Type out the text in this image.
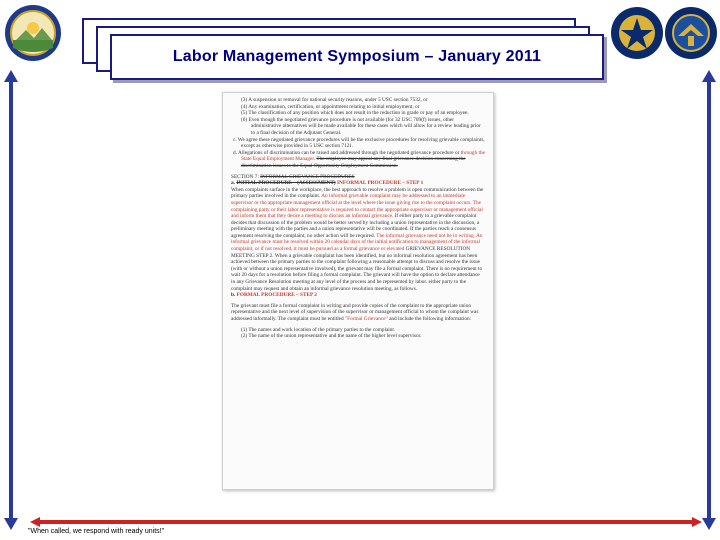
Labor Management Symposium – January 2011

(3) A suspension or removal for national security reasons, under 5 USC section 7532, or

(4) Any examination, certification, or appointment relating to initial employment, or

(5) The classification of any position which does not result in the reduction in grade or pay of an employee.

(6) Even though the negotiated grievance procedure is not available (for 32 USC 709(f) issues, other administrative alternatives will be made available for these cases which will allow for a review leading prior to a final decision of the Adjutant General.

c. We agree these negotiated grievance procedures will be the exclusive procedures for resolving grievable complaints, except as otherwise provided in 5 USC section 7121.

d. Allegations of discrimination can be raised and addressed through the negotiated grievance procedure or through the State Equal Employment Manager. The employee may appeal any final grievance decision concerning the discrimination issues to the Equal Opportunity Employment Commission.

SECTION 7: INFORMAL GRIEVANCE PROCEDURES

a. INITIAL PROCEDURE – (ASSESSMENT) INFORMAL PROCEDURE – STEP 1

When complaints surface in the workplace, the best approach to resolve a problem is open communication between the primary parties involved in the complaint. An informal grievable complaint may be addressed to an immediate supervisor or the appropriate management official at the level where the issue giving rise to the complaint occurs. The complaining party or their labor representative is required to contact the appropriate supervisor or management official and inform them that they desire a meeting to discuss an informal grievance. If either party to a grievable complaint decides that discussion of the problem would be better served by including a union representative in the discussion, a preliminary meeting with the parties and a union representative will be coordinated. If the parties reach a consensus agreement resolving the complaint, no other action will be required. The informal grievance need not be in writing. An informal grievance must be resolved within 20 calendar days of the initial notification to management of the informal complaint, or if not resolved, it must be pursued as a formal grievance or elevated GRIEVANCE RESOLUTION MEETING STEP 2. When a grievable complaint has been identified, but no informal resolution agreement has been achieved between the primary parties to the complaint following a reasonable attempt to discuss and resolve the issue (with or without a union representative involved), the grievant may file a formal complaint. There is no requirement to wait 20 days for a resolution before filing a formal complaint. The grievant will have the option to declare attendance in any Grievance Resolution meeting at any level of the process and be represented by labor. either party to the complaint may request and obtain an informal grievance resolution meeting, as follows.

b. FORMAL PROCEDURE – STEP 2

The grievant must file a formal complaint in writing and provide copies of the complaint to the appropriate union representative and the next level of supervision of the supervisor or management official to whom the complaint was addressed informally. The complaint must be entitled "Formal Grievance" and include the following information:

(1) The names and work location of the primary parties to the complaint.

(2) The name of the union representative and the name of the higher level supervisor.

"When called, we respond with ready units!"
